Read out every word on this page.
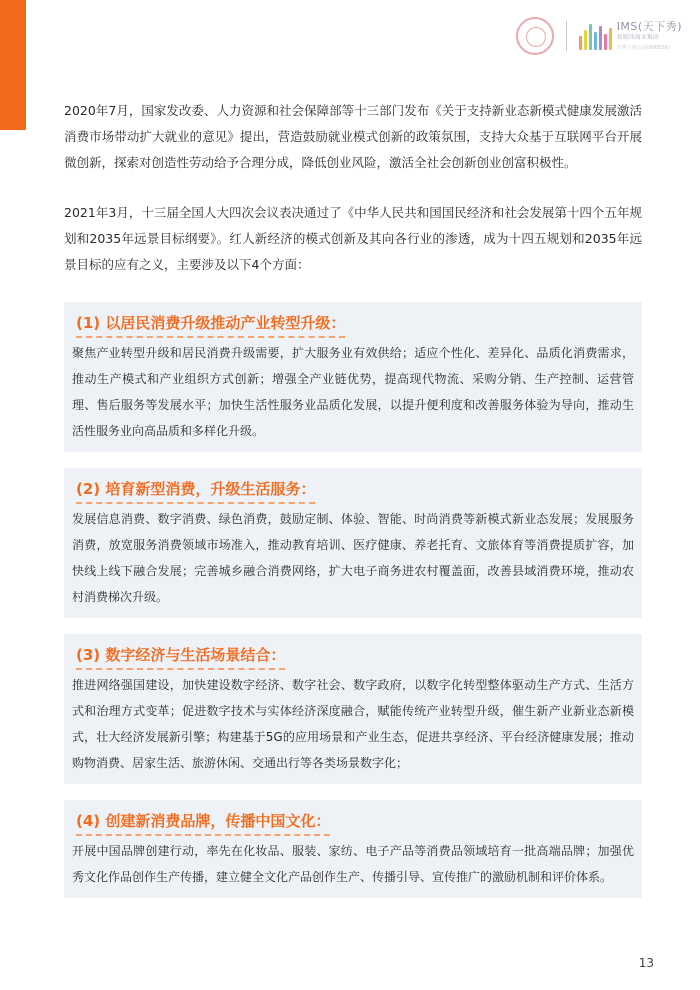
IMS(天下秀)
新媒体商业集团
天秀上市公司(600556)

2020年7月，国家发改委、人力资源和社会保障部等十三部门发布《关于支持新业态新模式健康发展激活消费市场带动扩大就业的意见》提出，营造鼓励就业模式创新的政策氛围，支持大众基于互联网平台开展微创新，探索对创造性劳动给予合理分成，降低创业风险，激活全社会创新创业创富积极性。

2021年3月，十三届全国人大四次会议表决通过了《中华人民共和国国民经济和社会发展第十四个五年规划和2035年远景目标纲要》。红人新经济的模式创新及其向各行业的渗透，成为十四五规划和2035年远景目标的应有之义，主要涉及以下4个方面：

(1) 以居民消费升级推动产业转型升级：

聚焦产业转型升级和居民消费升级需要，扩大服务业有效供给；适应个性化、差异化、品质化消费需求，推动生产模式和产业组织方式创新；增强全产业链优势，提高现代物流、采购分销、生产控制、运营管理、售后服务等发展水平；加快生活性服务业品质化发展，以提升便利度和改善服务体验为导向，推动生活性服务业向高品质和多样化升级。

(2) 培育新型消费，升级生活服务：

发展信息消费、数字消费、绿色消费，鼓励定制、体验、智能、时尚消费等新模式新业态发展；发展服务消费，放宽服务消费领域市场准入，推动教育培训、医疗健康、养老托育、文旅体育等消费提质扩容，加快线上线下融合发展；完善城乡融合消费网络，扩大电子商务进农村覆盖面，改善县域消费环境，推动农村消费梯次升级。

(3) 数字经济与生活场景结合：

推进网络强国建设，加快建设数字经济、数字社会、数字政府，以数字化转型整体驱动生产方式、生活方式和治理方式变革；促进数字技术与实体经济深度融合，赋能传统产业转型升级，催生新产业新业态新模式，壮大经济发展新引擎；构建基于5G的应用场景和产业生态，促进共享经济、平台经济健康发展；推动购物消费、居家生活、旅游休闲、交通出行等各类场景数字化；

(4) 创建新消费品牌，传播中国文化：

开展中国品牌创建行动，率先在化妆品、服装、家纺、电子产品等消费品领域培育一批高端品牌；加强优秀文化作品创作生产传播，建立健全文化产品创作生产、传播引导、宣传推广的激励机制和评价体系。

13
